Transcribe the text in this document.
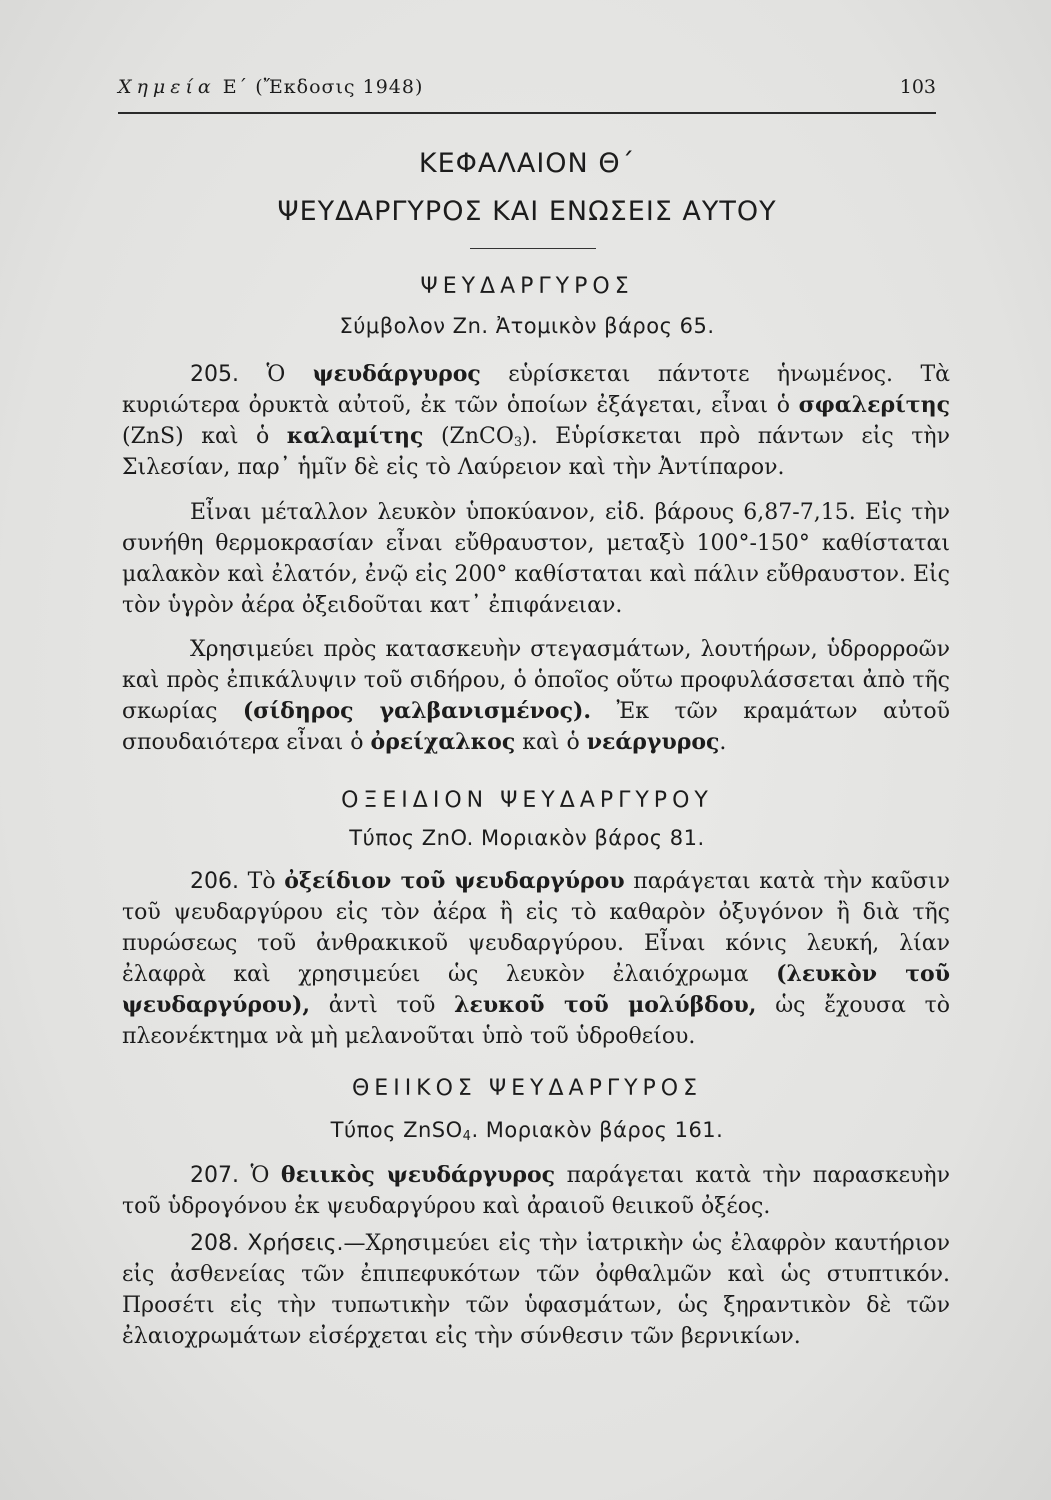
Χημεία Ε΄ (Ἔκδοσις 1948)	103
ΚΕΦΑΛΑΙΟΝ Θ΄
ΨΕΥΔΑΡΓΥΡΟΣ ΚΑΙ ΕΝΩΣΕΙΣ ΑΥΤΟΥ
ΨΕΥΔΑΡΓΥΡΟΣ
Σύμβολον Zn. Ἀτομικὸν βάρος 65.

205. Ὁ ψευδάργυρος εὑρίσκεται πάντοτε ἡνωμένος. Τὰ κυριώτερα ὀρυκτὰ αὐτοῦ, ἐκ τῶν ὁποίων ἐξάγεται, εἶναι ὁ σφαλερίτης (ZnS) καὶ ὁ καλαμίτης (ZnCO$_3$). Εὑρίσκεται πρὸ πάντων εἰς τὴν Σιλεσίαν, παρ᾽ ἡμῖν δὲ εἰς τὸ Λαύρειον καὶ τὴν Ἀντίπαρον.

Εἶναι μέταλλον λευκὸν ὑποκύανον, εἰδ. βάρους 6,87-7,15. Εἰς τὴν συνήθη θερμοκρασίαν εἶναι εὔθραυστον, μεταξὺ 100°-150° καθίσταται μαλακὸν καὶ ἐλατόν, ἐνῷ εἰς 200° καθίσταται καὶ πάλιν εὔθραυστον. Εἰς τὸν ὑγρὸν ἀέρα ὀξειδοῦται κατ᾽ ἐπιφάνειαν.

Χρησιμεύει πρὸς κατασκευὴν στεγασμάτων, λουτήρων, ὑδρορροῶν καὶ πρὸς ἐπικάλυψιν τοῦ σιδήρου, ὁ ὁποῖος οὕτω προφυλάσσεται ἀπὸ τῆς σκωρίας (σίδηρος γαλβανισμένος). Ἐκ τῶν κραμάτων αὐτοῦ σπουδαιότερα εἶναι ὁ ὀρείχαλκος καὶ ὁ νεάργυρος.

ΟΞΕΙΔΙΟΝ ΨΕΥΔΑΡΓΥΡΟΥ
Τύπος ZnO. Μοριακὸν βάρος 81.

206. Τὸ ὀξείδιον τοῦ ψευδαργύρου παράγεται κατὰ τὴν καῦσιν τοῦ ψευδαργύρου εἰς τὸν ἀέρα ἢ εἰς τὸ καθαρὸν ὀξυγόνον ἢ διὰ τῆς πυρώσεως τοῦ ἀνθρακικοῦ ψευδαργύρου. Εἶναι κόνις λευκή, λίαν ἐλαφρὰ καὶ χρησιμεύει ὡς λευκὸν ἐλαιόχρωμα (λευκὸν τοῦ ψευδαργύρου), ἀντὶ τοῦ λευκοῦ τοῦ μολύβδου, ὡς ἔχουσα τὸ πλεονέκτημα νὰ μὴ μελανοῦται ὑπὸ τοῦ ὑδροθείου.

ΘΕΙΙΚΟΣ ΨΕΥΔΑΡΓΥΡΟΣ
Τύπος ZnSO$_4$. Μοριακὸν βάρος 161.

207. Ὁ θειικὸς ψευδάργυρος παράγεται κατὰ τὴν παρασκευὴν τοῦ ὑδρογόνου ἐκ ψευδαργύρου καὶ ἀραιοῦ θειικοῦ ὀξέος.

208. Χρήσεις.—Χρησιμεύει εἰς τὴν ἰατρικὴν ὡς ἐλαφρὸν καυτήριον εἰς ἀσθενείας τῶν ἐπιπεφυκότων τῶν ὀφθαλμῶν καὶ ὡς στυπτικόν. Προσέτι εἰς τὴν τυπωτικὴν τῶν ὑφασμάτων, ὡς ξηραντικὸν δὲ τῶν ἐλαιοχρωμάτων εἰσέρχεται εἰς τὴν σύνθεσιν τῶν βερνικίων.
